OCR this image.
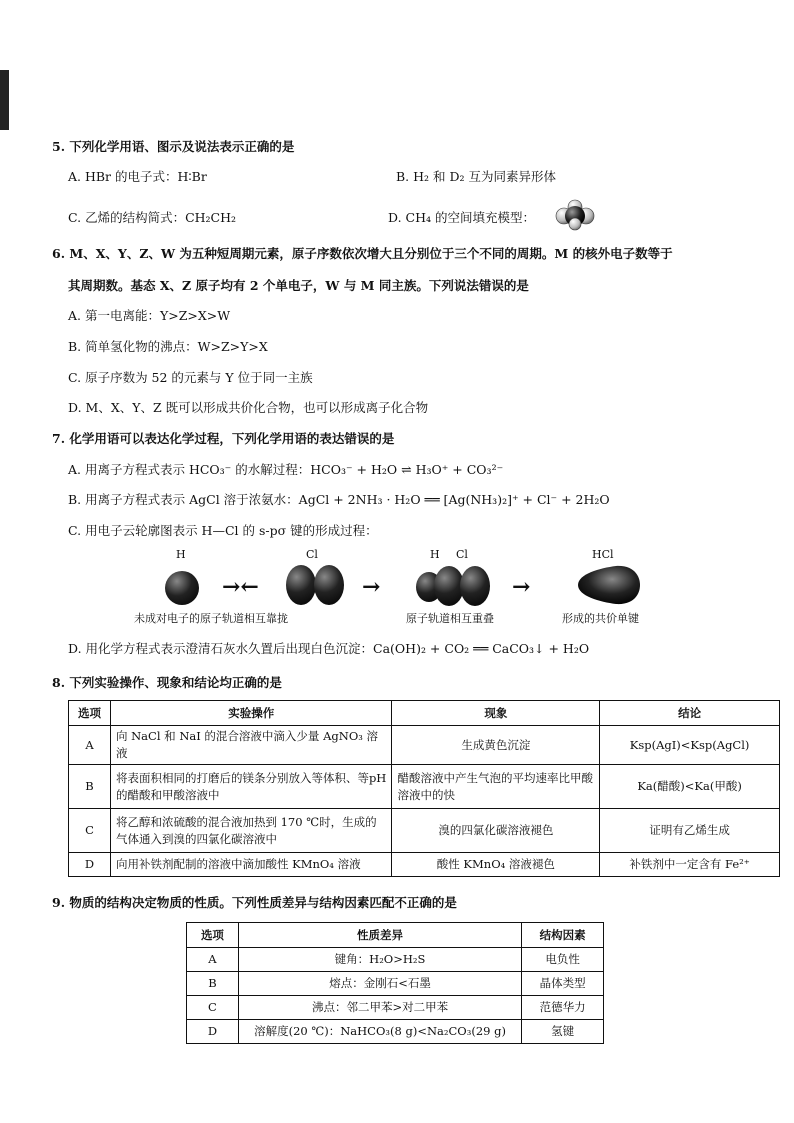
5. 下列化学用语、图示及说法表示正确的是
A. HBr 的电子式：H∶Br	B. H₂ 和 D₂ 互为同素异形体
C. 乙烯的结构简式：CH₂CH₂	D. CH₄ 的空间填充模型：
6. M、X、Y、Z、W 为五种短周期元素，原子序数依次增大且分别位于三个不同的周期。M 的核外电子数等于
其周期数。基态 X、Z 原子均有 2 个单电子，W 与 M 同主族。下列说法错误的是
A. 第一电离能：Y>Z>X>W
B. 简单氢化物的沸点：W>Z>Y>X
C. 原子序数为 52 的元素与 Y 位于同一主族
D. M、X、Y、Z 既可以形成共价化合物，也可以形成离子化合物
7. 化学用语可以表达化学过程，下列化学用语的表达错误的是
A. 用离子方程式表示 HCO₃⁻ 的水解过程：HCO₃⁻ + H₂O ⇌ H₃O⁺ + CO₃²⁻
B. 用离子方程式表示 AgCl 溶于浓氨水：AgCl + 2NH₃ · H₂O ══ [Ag(NH₃)₂]⁺ + Cl⁻ + 2H₂O
C. 用电子云轮廓图表示 H—Cl 的 s-pσ 键的形成过程：
H
→←
Cl
→
H Cl
→
HCl
未成对电子的原子轨道相互靠拢	原子轨道相互重叠	形成的共价单键
D. 用化学方程式表示澄清石灰水久置后出现白色沉淀：Ca(OH)₂ + CO₂ ══ CaCO₃↓ + H₂O
8. 下列实验操作、现象和结论均正确的是
选项	实验操作	现象	结论
A	向 NaCl 和 NaI 的混合溶液中滴入少量 AgNO₃ 溶液	生成黄色沉淀	Ksp(AgI)<Ksp(AgCl)
B	将表面积相同的打磨后的镁条分别放入等体积、等pH 的醋酸和甲酸溶液中	醋酸溶液中产生气泡的平均速率比甲酸溶液中的快	Ka(醋酸)<Ka(甲酸)
C	将乙醇和浓硫酸的混合液加热到 170 ℃时，生成的气体通入到溴的四氯化碳溶液中	溴的四氯化碳溶液褪色	证明有乙烯生成
D	向用补铁剂配制的溶液中滴加酸性 KMnO₄ 溶液	酸性 KMnO₄ 溶液褪色	补铁剂中一定含有 Fe²⁺
9. 物质的结构决定物质的性质。下列性质差异与结构因素匹配不正确的是
选项	性质差异	结构因素
A	键角：H₂O>H₂S	电负性
B	熔点：金刚石<石墨	晶体类型
C	沸点：邻二甲苯>对二甲苯	范德华力
D	溶解度(20 ℃)：NaHCO₃(8 g)<Na₂CO₃(29 g)	氢键
